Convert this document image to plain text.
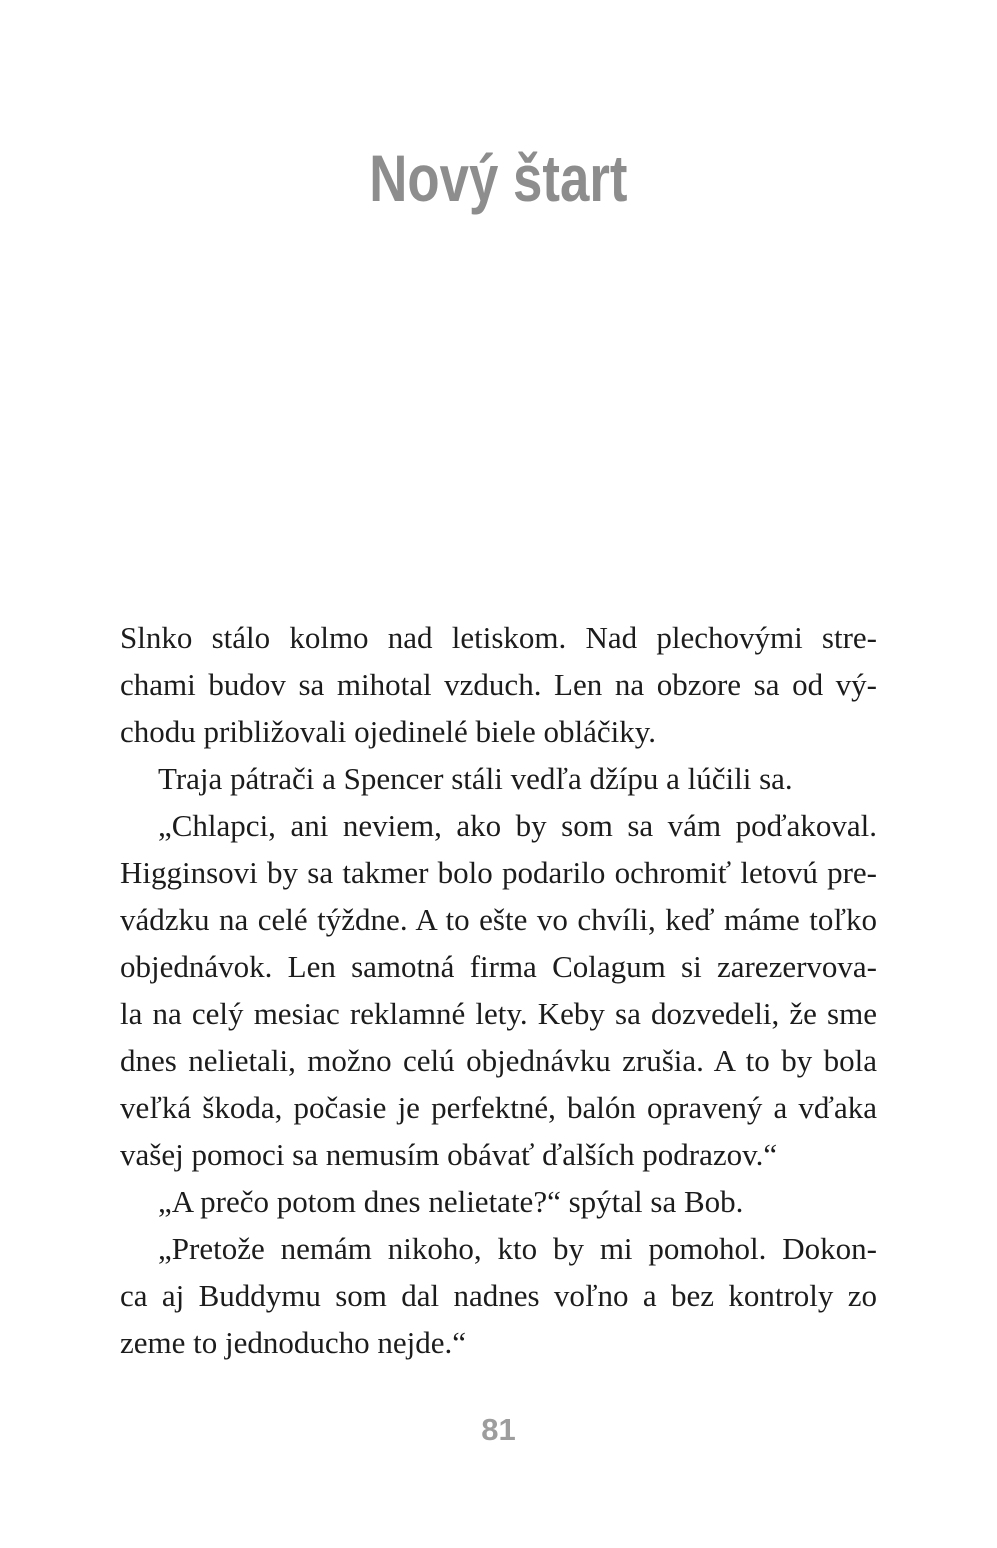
Nový štart
Slnko stálo kolmo nad letiskom. Nad plechovými stre-
chami budov sa mihotal vzduch. Len na obzore sa od vý-
chodu približovali ojedinelé biele obláčiky.
Traja pátrači a Spencer stáli vedľa džípu a lúčili sa.
„Chlapci, ani neviem, ako by som sa vám poďakoval.
Higginsovi by sa takmer bolo podarilo ochromiť letovú pre-
vádzku na celé týždne. A to ešte vo chvíli, keď máme toľko
objednávok. Len samotná firma Colagum si zarezervova-
la na celý mesiac reklamné lety. Keby sa dozvedeli, že sme
dnes nelietali, možno celú objednávku zrušia. A to by bola
veľká škoda, počasie je perfektné, balón opravený a vďaka
vašej pomoci sa nemusím obávať ďalších podrazov.“
„A prečo potom dnes nelietate?“ spýtal sa Bob.
„Pretože nemám nikoho, kto by mi pomohol. Dokon-
ca aj Buddymu som dal nadnes voľno a bez kontroly zo
zeme to jednoducho nejde.“
81
